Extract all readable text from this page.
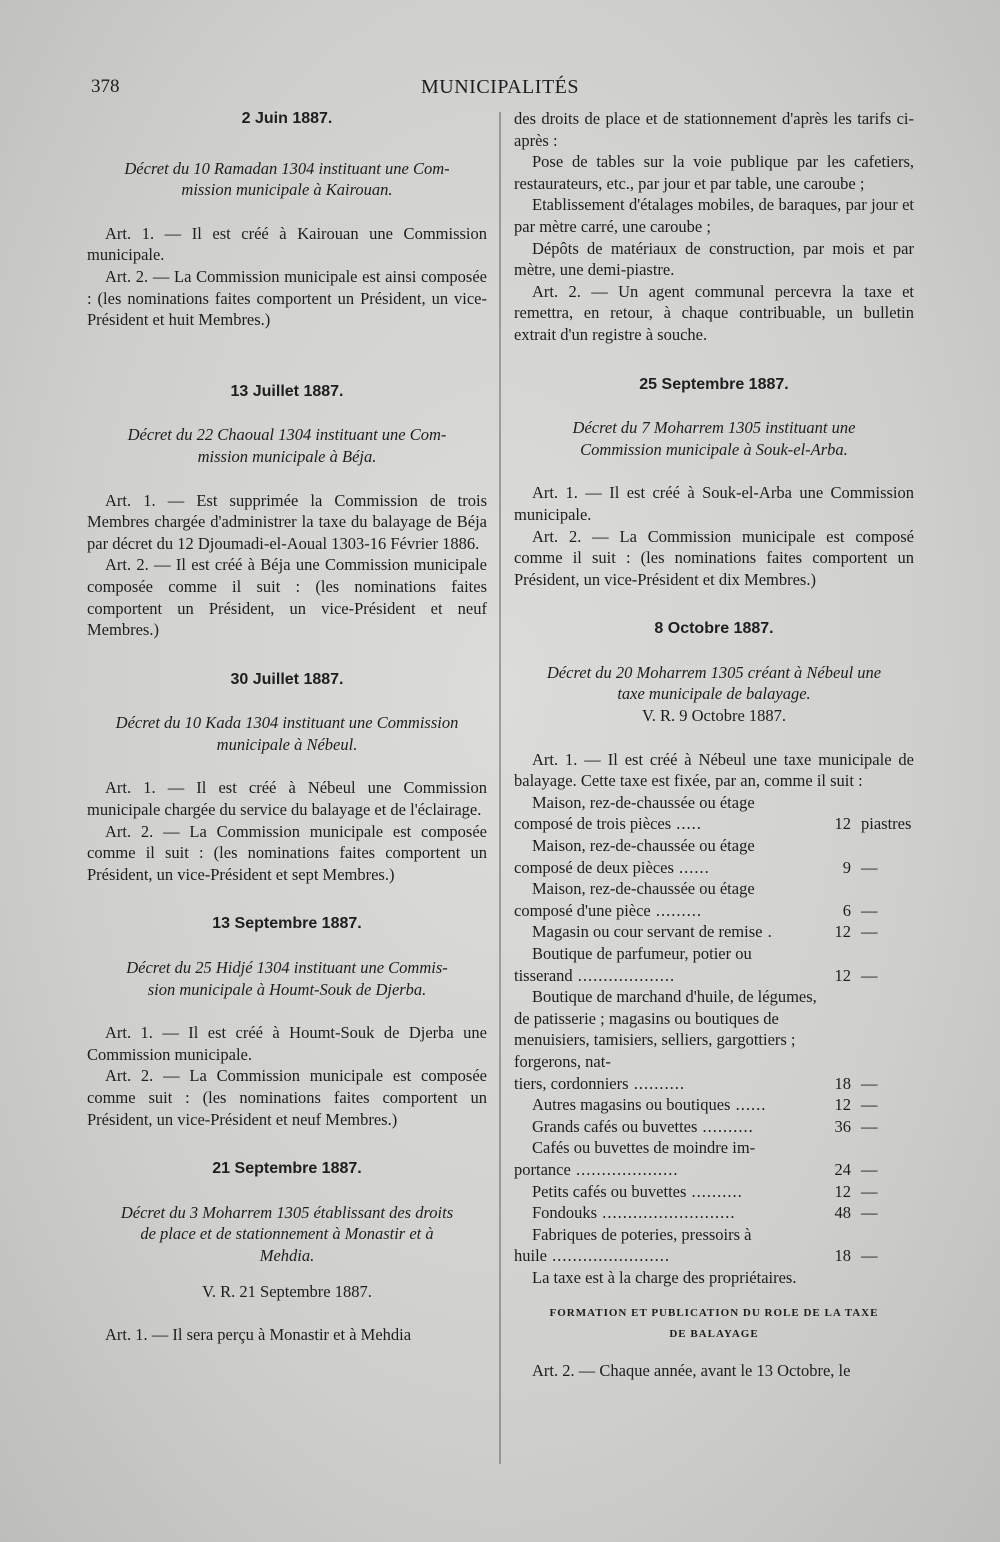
378	MUNICIPALITÉS
2 Juin 1887.
Décret du 10 Ramadan 1304 instituant une Com-
mission municipale à Kairouan.

Art. 1. — Il est créé à Kairouan une Commission municipale.

Art. 2. — La Commission municipale est ainsi composée : (les nominations faites comportent un Président, un vice-Président et huit Membres.)

13 Juillet 1887.
Décret du 22 Chaoual 1304 instituant une Com-
mission municipale à Béja.

Art. 1. — Est supprimée la Commission de trois Membres chargée d'administrer la taxe du balayage de Béja par décret du 12 Djoumadi-el-Aoual 1303-16 Février 1886.

Art. 2. — Il est créé à Béja une Commission municipale composée comme il suit : (les nominations faites comportent un Président, un vice-Président et neuf Membres.)

30 Juillet 1887.
Décret du 10 Kada 1304 instituant une Commission
municipale à Nébeul.

Art. 1. — Il est créé à Nébeul une Commission municipale chargée du service du balayage et de l'éclairage.

Art. 2. — La Commission municipale est composée comme il suit : (les nominations faites comportent un Président, un vice-Président et sept Membres.)

13 Septembre 1887.
Décret du 25 Hidjé 1304 instituant une Commis-
sion municipale à Houmt-Souk de Djerba.

Art. 1. — Il est créé à Houmt-Souk de Djerba une Commission municipale.

Art. 2. — La Commission municipale est composée comme suit : (les nominations faites comportent un Président, un vice-Président et neuf Membres.)

21 Septembre 1887.
Décret du 3 Moharrem 1305 établissant des droits
de place et de stationnement à Monastir et à
Mehdia.
V. R. 21 Septembre 1887.

Art. 1. — Il sera perçu à Monastir et à Mehdia

des droits de place et de stationnement d'après les tarifs ci-après :

Pose de tables sur la voie publique par les cafetiers, restaurateurs, etc., par jour et par table, une caroube ;

Etablissement d'étalages mobiles, de baraques, par jour et par mètre carré, une caroube ;

Dépôts de matériaux de construction, par mois et par mètre, une demi-piastre.

Art. 2. — Un agent communal percevra la taxe et remettra, en retour, à chaque contribuable, un bulletin extrait d'un registre à souche.

25 Septembre 1887.
Décret du 7 Moharrem 1305 instituant une
Commission municipale à Souk-el-Arba.

Art. 1. — Il est créé à Souk-el-Arba une Commission municipale.

Art. 2. — La Commission municipale est composé comme il suit : (les nominations faites comportent un Président, un vice-Président et dix Membres.)

8 Octobre 1887.
Décret du 20 Moharrem 1305 créant à Nébeul une
taxe municipale de balayage.
V. R. 9 Octobre 1887.

Art. 1. — Il est créé à Nébeul une taxe municipale de balayage. Cette taxe est fixée, par an, comme il suit :

Maison, rez-de-chaussée ou étage
composé de trois pièces .....	12	piastres

Maison, rez-de-chaussée ou étage
composé de deux pièces ......	9	—

Maison, rez-de-chaussée ou étage
composé d'une pièce .........	6	—

Magasin ou cour servant de remise .	12	—

Boutique de parfumeur, potier ou
tisserand ...................	12	—

Boutique de marchand d'huile, de légumes, de patisserie ; magasins ou boutiques de menuisiers, tamisiers, selliers, gargottiers ; forgerons, nat-
tiers, cordonniers ..........	18	—

Autres magasins ou boutiques ......	12	—

Grands cafés ou buvettes ..........	36	—

Cafés ou buvettes de moindre im-
portance ....................	24	—

Petits cafés ou buvettes ..........	12	—

Fondouks ..........................	48	—

Fabriques de poteries, pressoirs à
huile .......................	18	—

La taxe est à la charge des propriétaires.

FORMATION ET PUBLICATION DU ROLE DE LA TAXE
DE BALAYAGE

Art. 2. — Chaque année, avant le 13 Octobre, le
